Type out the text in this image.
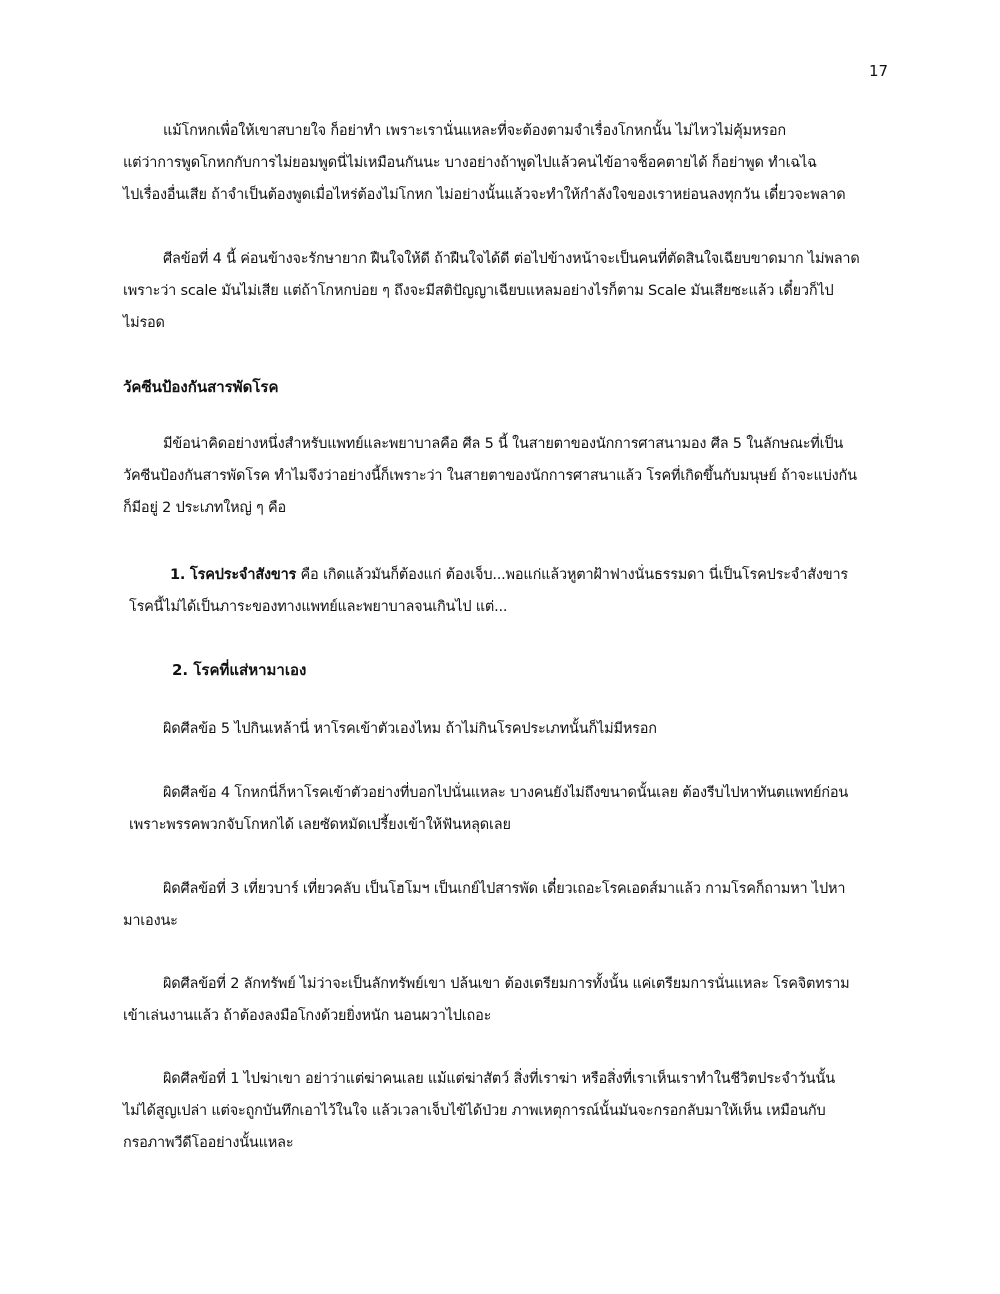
17
แม้โกหกเพื่อให้เขาสบายใจ ก็อย่าทำ เพราะเรานั่นแหละที่จะต้องตามจำเรื่องโกหกนั้น ไม่ไหวไม่คุ้มหรอก
แต่ว่าการพูดโกหกกับการไม่ยอมพูดนี่ไม่เหมือนกันนะ บางอย่างถ้าพูดไปแล้วคนไข้อาจช็อคตายได้ ก็อย่าพูด ทำเฉไฉ
ไปเรื่องอื่นเสีย ถ้าจำเป็นต้องพูดเมื่อไหร่ต้องไม่โกหก ไม่อย่างนั้นแล้วจะทำให้กำลังใจของเราหย่อนลงทุกวัน เดี๋ยวจะพลาด
ศีลข้อที่ 4 นี้ ค่อนข้างจะรักษายาก ฝืนใจให้ดี ถ้าฝืนใจได้ดี ต่อไปข้างหน้าจะเป็นคนที่ตัดสินใจเฉียบขาดมาก ไม่พลาด
เพราะว่า scale มันไม่เสีย แต่ถ้าโกหกบ่อย ๆ ถึงจะมีสติปัญญาเฉียบแหลมอย่างไรก็ตาม Scale มันเสียซะแล้ว เดี๋ยวก็ไป
ไม่รอด
วัคซีนป้องกันสารพัดโรค
มีข้อน่าคิดอย่างหนึ่งสำหรับแพทย์และพยาบาลคือ ศีล 5 นี้ ในสายตาของนักการศาสนามอง ศีล 5 ในลักษณะที่เป็น
วัคซีนป้องกันสารพัดโรค ทำไมจึงว่าอย่างนี้ก็เพราะว่า ในสายตาของนักการศาสนาแล้ว โรคที่เกิดขึ้นกับมนุษย์ ถ้าจะแบ่งกัน
ก็มีอยู่ 2 ประเภทใหญ่ ๆ คือ
1. โรคประจำสังขาร คือ เกิดแล้วมันก็ต้องแก่ ต้องเจ็บ...พอแก่แล้วหูตาฝ้าฟางนั่นธรรมดา นี่เป็นโรคประจำสังขาร
โรคนี้ไม่ได้เป็นภาระของทางแพทย์และพยาบาลจนเกินไป แต่...
2. โรคที่แส่หามาเอง
ผิดศีลข้อ 5 ไปกินเหล้านี่ หาโรคเข้าตัวเองไหม ถ้าไม่กินโรคประเภทนั้นก็ไม่มีหรอก
ผิดศีลข้อ 4 โกหกนี่ก็หาโรคเข้าตัวอย่างที่บอกไปนั่นแหละ บางคนยังไม่ถึงขนาดนั้นเลย ต้องรีบไปหาทันตแพทย์ก่อน
เพราะพรรคพวกจับโกหกได้ เลยซัดหมัดเปรี้ยงเข้าให้ฟันหลุดเลย
ผิดศีลข้อที่ 3 เที่ยวบาร์ เที่ยวคลับ เป็นโฮโมฯ เป็นเกย์ไปสารพัด เดี๋ยวเถอะโรคเอดส์มาแล้ว กามโรคก็ถามหา ไปหา
มาเองนะ
ผิดศีลข้อที่ 2 ลักทรัพย์ ไม่ว่าจะเป็นลักทรัพย์เขา ปล้นเขา ต้องเตรียมการทั้งนั้น แค่เตรียมการนั่นแหละ โรคจิตทราม
เข้าเล่นงานแล้ว ถ้าต้องลงมือโกงด้วยยิ่งหนัก นอนผวาไปเถอะ
ผิดศีลข้อที่ 1 ไปฆ่าเขา อย่าว่าแต่ฆ่าคนเลย แม้แต่ฆ่าสัตว์ สิ่งที่เราฆ่า หรือสิ่งที่เราเห็นเราทำในชีวิตประจำวันนั้น
ไม่ได้สูญเปล่า แต่จะถูกบันทึกเอาไว้ในใจ แล้วเวลาเจ็บไข้ได้ป่วย ภาพเหตุการณ์นั้นมันจะกรอกลับมาให้เห็น เหมือนกับ
กรอภาพวีดีโออย่างนั้นแหละ
